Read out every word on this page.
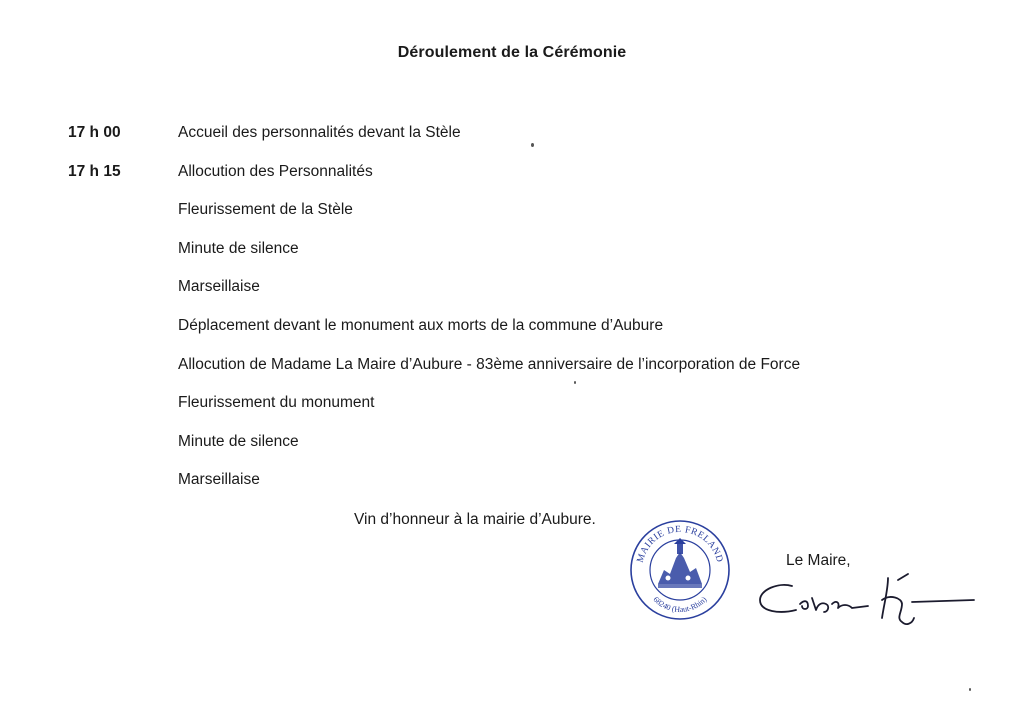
Déroulement de la Cérémonie
17 h 00	Accueil des personnalités devant la Stèle
17 h 15	Allocution des Personnalités
Fleurissement de la Stèle
Minute de silence
Marseillaise
Déplacement devant le monument aux morts de la commune d’Aubure
Allocution de Madame La Maire d’Aubure - 83ème anniversaire de l’incorporation de Force
Fleurissement du monument
Minute de silence
Marseillaise
Vin d’honneur à la mairie d’Aubure.
Le Maire,
MAIRIE DE FRELAND
68240 (Haut-Rhin)
